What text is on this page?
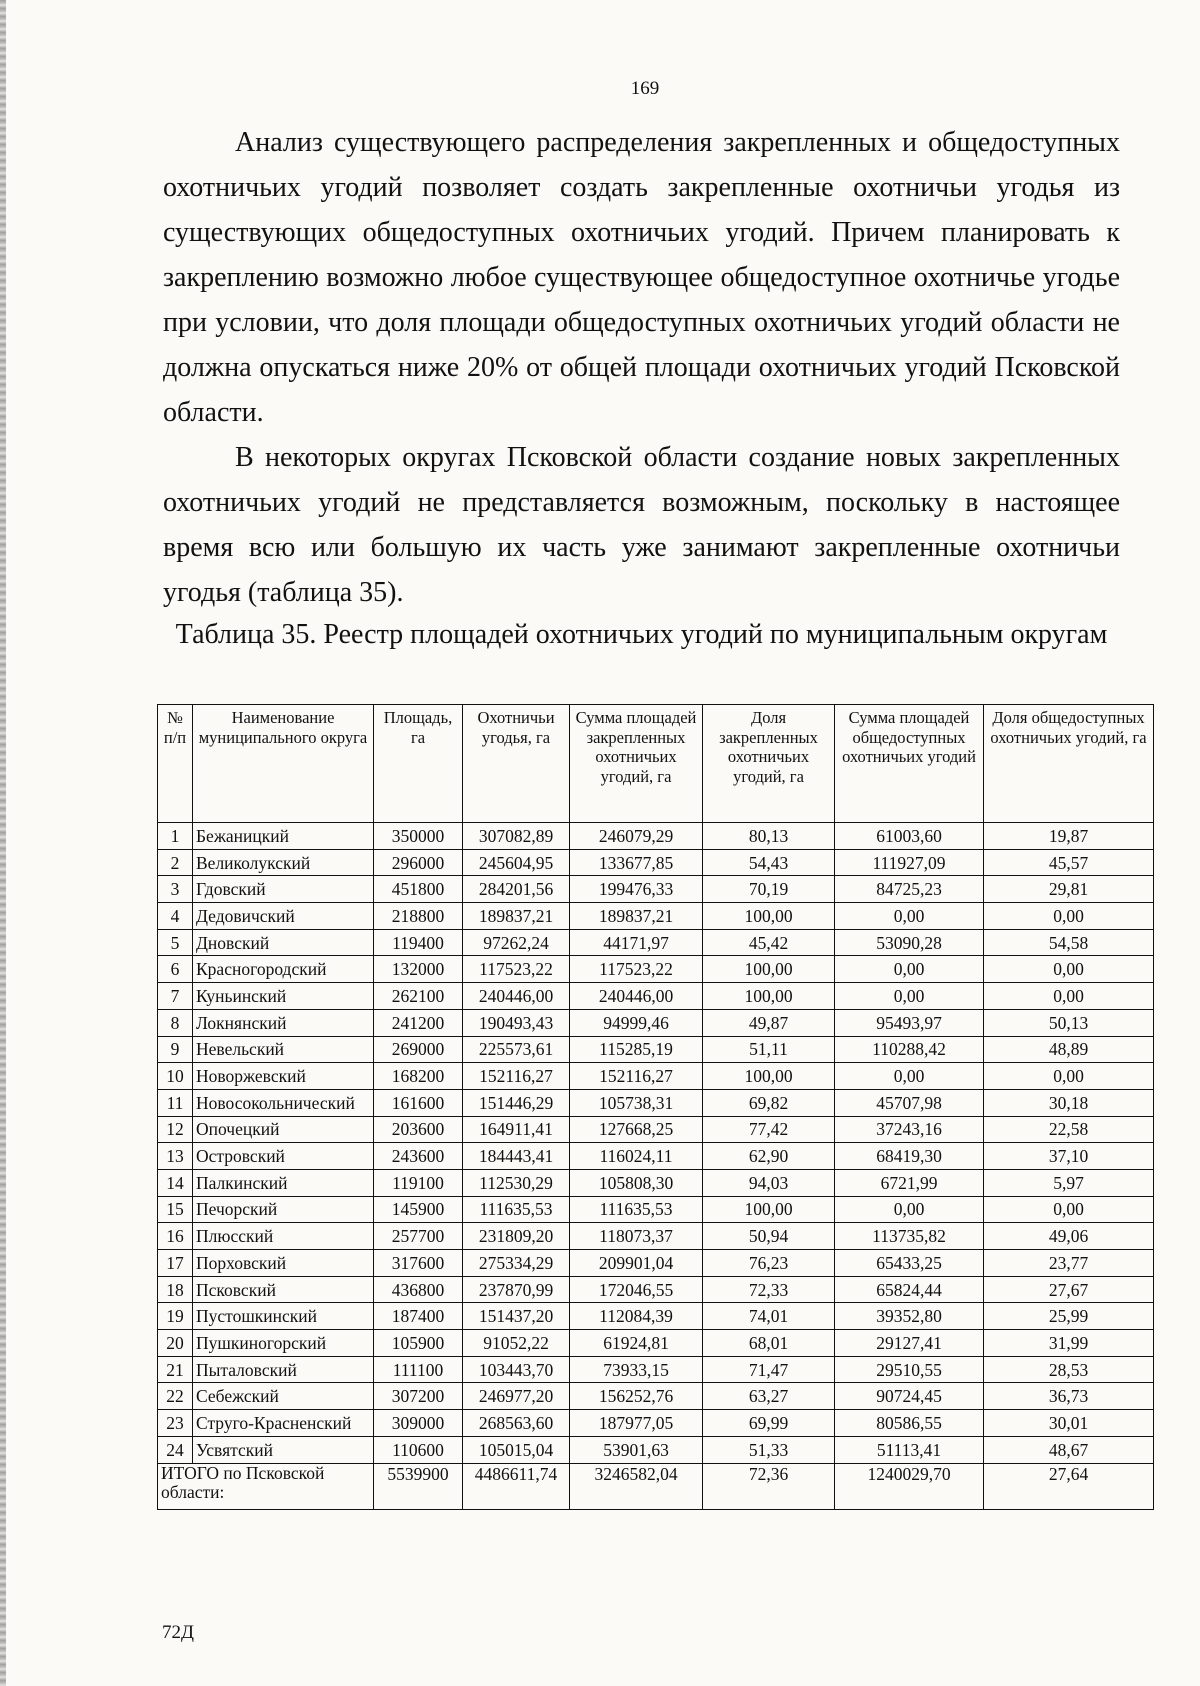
169

Анализ существующего распределения закрепленных и общедоступных охотничьих угодий позволяет создать закрепленные охотничьи угодья из существующих общедоступных охотничьих угодий. Причем планировать к закреплению возможно любое существующее общедоступное охотничье угодье при условии, что доля площади общедоступных охотничьих угодий области не должна опускаться ниже 20% от общей площади охотничьих угодий Псковской области.

В некоторых округах Псковской области создание новых закрепленных охотничьих угодий не представляется возможным, поскольку в настоящее время всю или большую их часть уже занимают закрепленные охотничьи угодья (таблица 35).

Таблица 35. Реестр площадей охотничьих угодий по муниципальным округам
№ п/п	Наименование муниципального округа	Площадь, га	Охотничьи угодья, га	Сумма площадей закрепленных охотничьих угодий, га	Доля закрепленных охотничьих угодий, га	Сумма площадей общедоступных охотничьих угодий	Доля общедоступных охотничьих угодий, га
1	Бежаницкий	350000	307082,89	246079,29	80,13	61003,60	19,87
2	Великолукский	296000	245604,95	133677,85	54,43	111927,09	45,57
3	Гдовский	451800	284201,56	199476,33	70,19	84725,23	29,81
4	Дедовичский	218800	189837,21	189837,21	100,00	0,00	0,00
5	Дновский	119400	97262,24	44171,97	45,42	53090,28	54,58
6	Красногородский	132000	117523,22	117523,22	100,00	0,00	0,00
7	Куньинский	262100	240446,00	240446,00	100,00	0,00	0,00
8	Локнянский	241200	190493,43	94999,46	49,87	95493,97	50,13
9	Невельский	269000	225573,61	115285,19	51,11	110288,42	48,89
10	Новоржевский	168200	152116,27	152116,27	100,00	0,00	0,00
11	Новосокольнический	161600	151446,29	105738,31	69,82	45707,98	30,18
12	Опочецкий	203600	164911,41	127668,25	77,42	37243,16	22,58
13	Островский	243600	184443,41	116024,11	62,90	68419,30	37,10
14	Палкинский	119100	112530,29	105808,30	94,03	6721,99	5,97
15	Печорский	145900	111635,53	111635,53	100,00	0,00	0,00
16	Плюсский	257700	231809,20	118073,37	50,94	113735,82	49,06
17	Порховский	317600	275334,29	209901,04	76,23	65433,25	23,77
18	Псковский	436800	237870,99	172046,55	72,33	65824,44	27,67
19	Пустошкинский	187400	151437,20	112084,39	74,01	39352,80	25,99
20	Пушкиногорский	105900	91052,22	61924,81	68,01	29127,41	31,99
21	Пыталовский	111100	103443,70	73933,15	71,47	29510,55	28,53
22	Себежский	307200	246977,20	156252,76	63,27	90724,45	36,73
23	Струго-Красненский	309000	268563,60	187977,05	69,99	80586,55	30,01
24	Усвятский	110600	105015,04	53901,63	51,33	51113,41	48,67
ИТОГО по Псковской области:		5539900	4486611,74	3246582,04	72,36	1240029,70	27,64
72Д
